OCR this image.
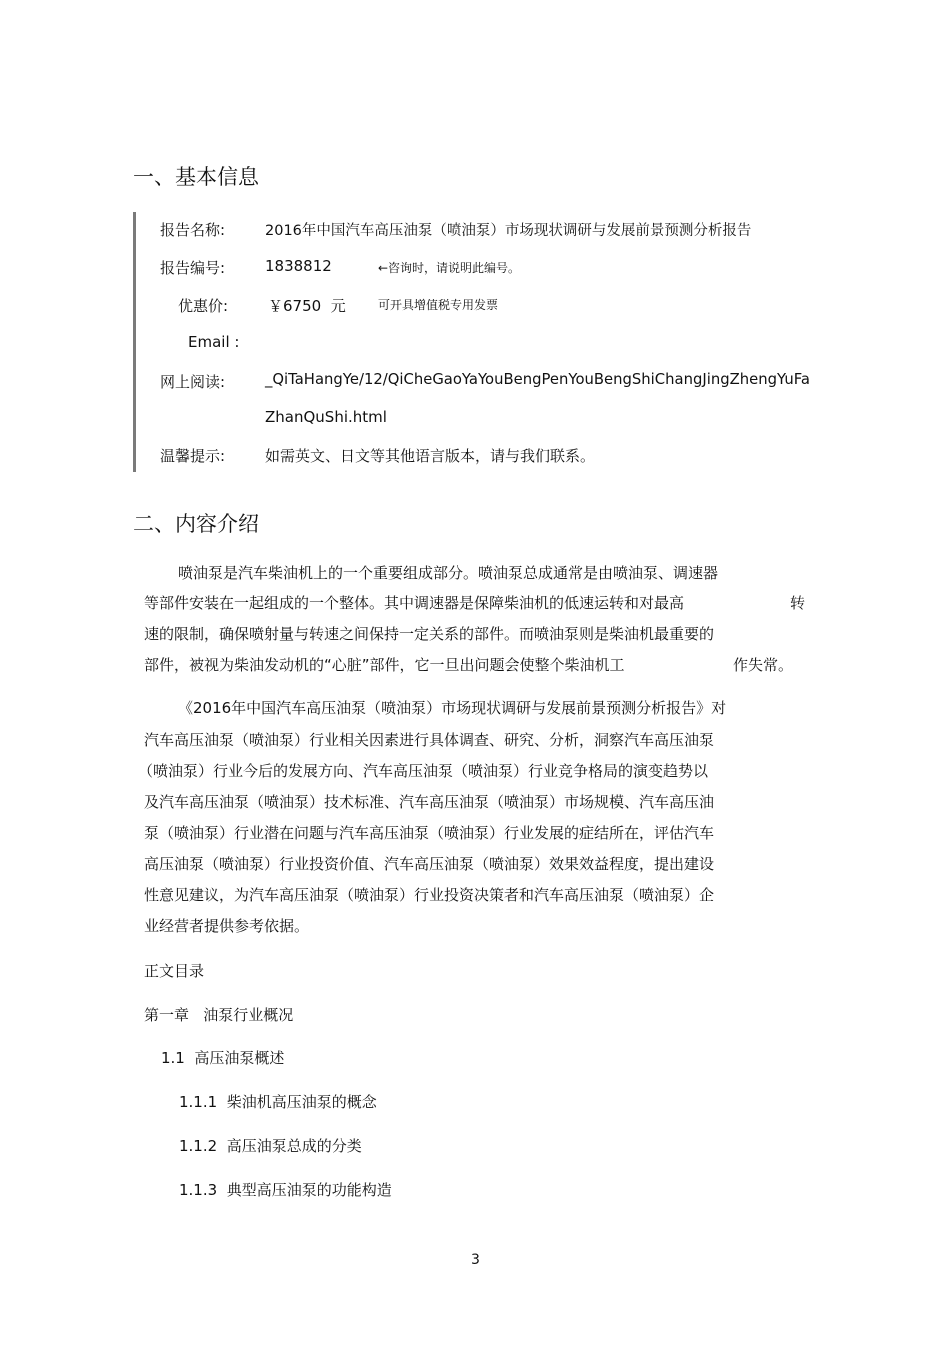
一、基本信息
报告名称:	2016年中国汽车高压油泵（喷油泵）市场现状调研与发展前景预测分析报告
报告编号:	1838812	←咨询时，请说明此编号。
优惠价:	￥6750  元	可开具增值税专用发票
Email :
网上阅读:	_QiTaHangYe/12/QiCheGaoYaYouBengPenYouBengShiChangJingZhengYuFa
ZhanQuShi.html
温馨提示:	如需英文、日文等其他语言版本，请与我们联系。
二、内容介绍
喷油泵是汽车柴油机上的一个重要组成部分。喷油泵总成通常是由喷油泵、调速器
等部件安装在一起组成的一个整体。其中调速器是保障柴油机的低速运转和对最高	转
速的限制，确保喷射量与转速之间保持一定关系的部件。而喷油泵则是柴油机最重要的
部件，被视为柴油发动机的“心脏”部件，它一旦出问题会使整个柴油机工	作失常。
《2016年中国汽车高压油泵（喷油泵）市场现状调研与发展前景预测分析报告》对
汽车高压油泵（喷油泵）行业相关因素进行具体调查、研究、分析，洞察汽车高压油泵
（喷油泵）行业今后的发展方向、汽车高压油泵（喷油泵）行业竞争格局的演变趋势以
及汽车高压油泵（喷油泵）技术标准、汽车高压油泵（喷油泵）市场规模、汽车高压油
泵（喷油泵）行业潜在问题与汽车高压油泵（喷油泵）行业发展的症结所在，评估汽车
高压油泵（喷油泵）行业投资价值、汽车高压油泵（喷油泵）效果效益程度，提出建设
性意见建议，为汽车高压油泵（喷油泵）行业投资决策者和汽车高压油泵（喷油泵）企
业经营者提供参考依据。
正文目录
第一章   油泵行业概况
1.1  高压油泵概述
1.1.1  柴油机高压油泵的概念
1.1.2  高压油泵总成的分类
1.1.3  典型高压油泵的功能构造
3
